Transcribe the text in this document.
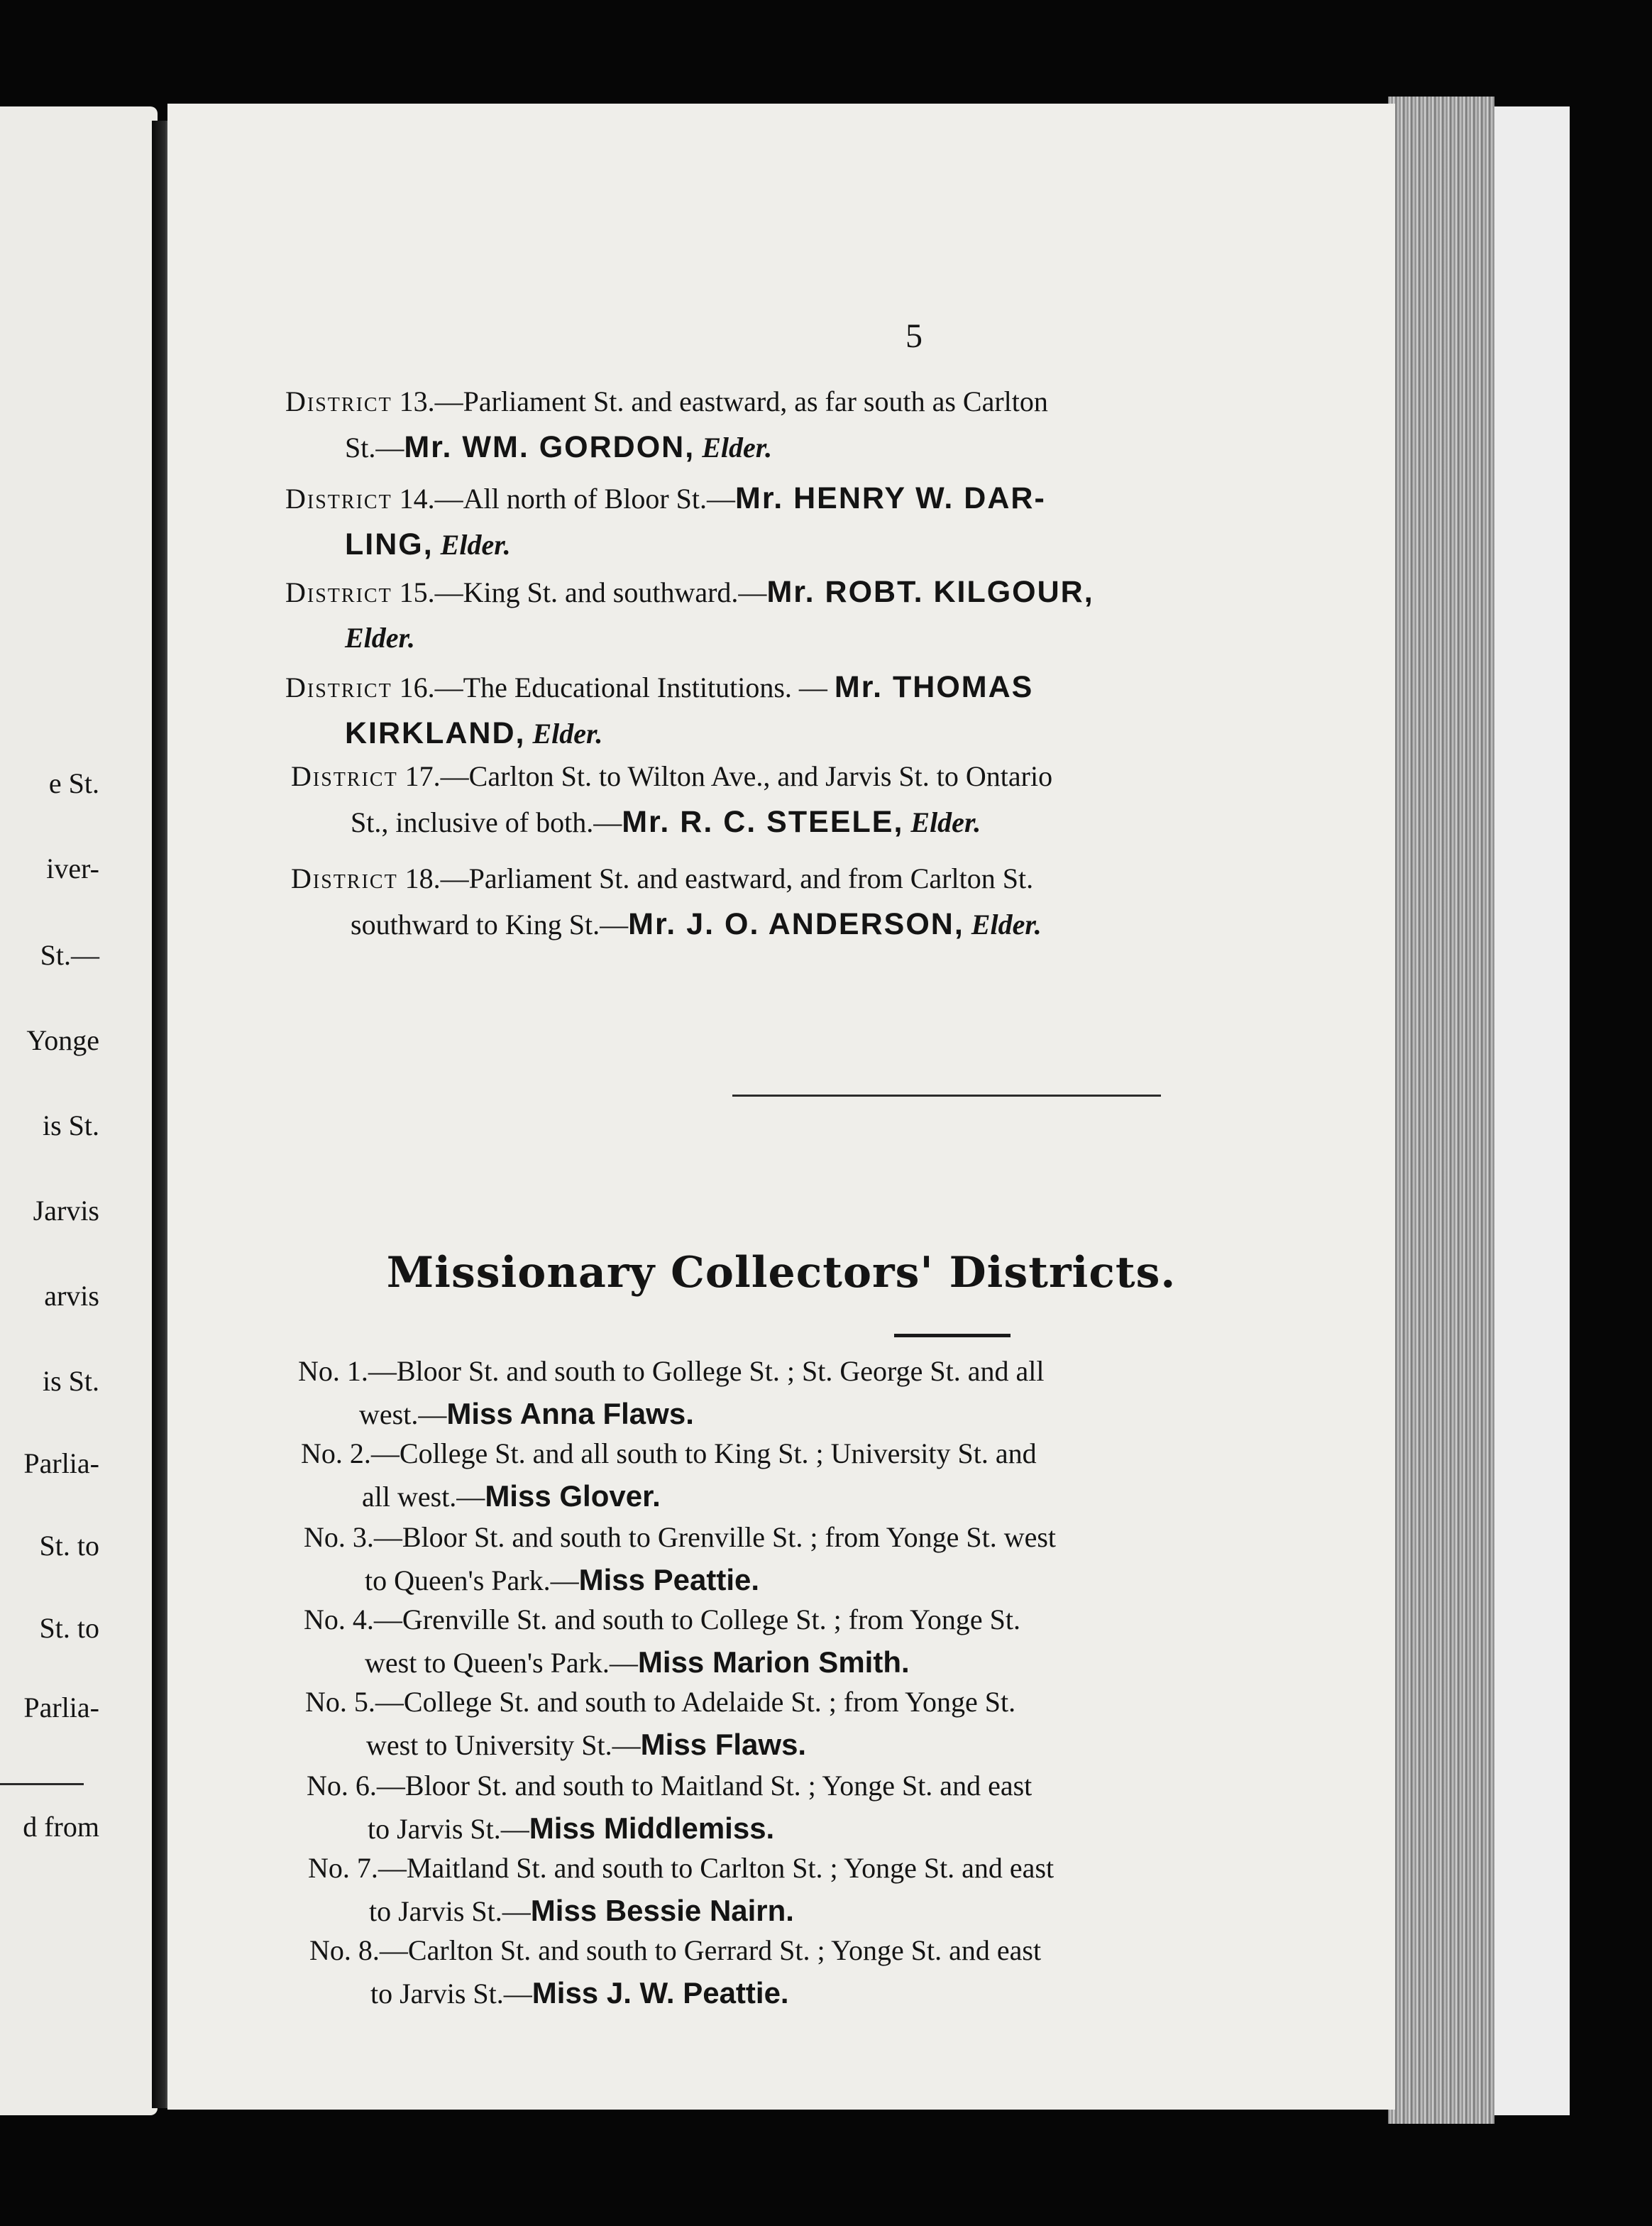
e St.
iver-
St.—
Yonge
is St.
Jarvis
arvis
is St.
Parlia-
St. to
St. to
Parlia-
d from
5
District 13.—Parliament St. and eastward, as far south as Carlton
St.—Mr. WM. GORDON, Elder.
District 14.—All north of Bloor St.—Mr. HENRY W. DAR-
LING, Elder.
District 15.—King St. and southward.—Mr. ROBT. KILGOUR,
Elder.
District 16.—The Educational Institutions. — Mr. THOMAS
KIRKLAND, Elder.
District 17.—Carlton St. to Wilton Ave., and Jarvis St. to Ontario
St., inclusive of both.—Mr. R. C. STEELE, Elder.
District 18.—Parliament St. and eastward, and from Carlton St.
southward to King St.—Mr. J. O. ANDERSON, Elder.
Missionary Collectors' Districts.
No. 1.—Bloor St. and south to Gollege St. ; St. George St. and all
west.—Miss Anna Flaws.
No. 2.—College St. and all south to King St. ; University St. and
all west.—Miss Glover.
No. 3.—Bloor St. and south to Grenville St. ; from Yonge St. west
to Queen's Park.—Miss Peattie.
No. 4.—Grenville St. and south to College St. ; from Yonge St.
west to Queen's Park.—Miss Marion Smith.
No. 5.—College St. and south to Adelaide St. ; from Yonge St.
west to University St.—Miss Flaws.
No. 6.—Bloor St. and south to Maitland St. ; Yonge St. and east
to Jarvis St.—Miss Middlemiss.
No. 7.—Maitland St. and south to Carlton St. ; Yonge St. and east
to Jarvis St.—Miss Bessie Nairn.
No. 8.—Carlton St. and south to Gerrard St. ; Yonge St. and east
to Jarvis St.—Miss J. W. Peattie.
